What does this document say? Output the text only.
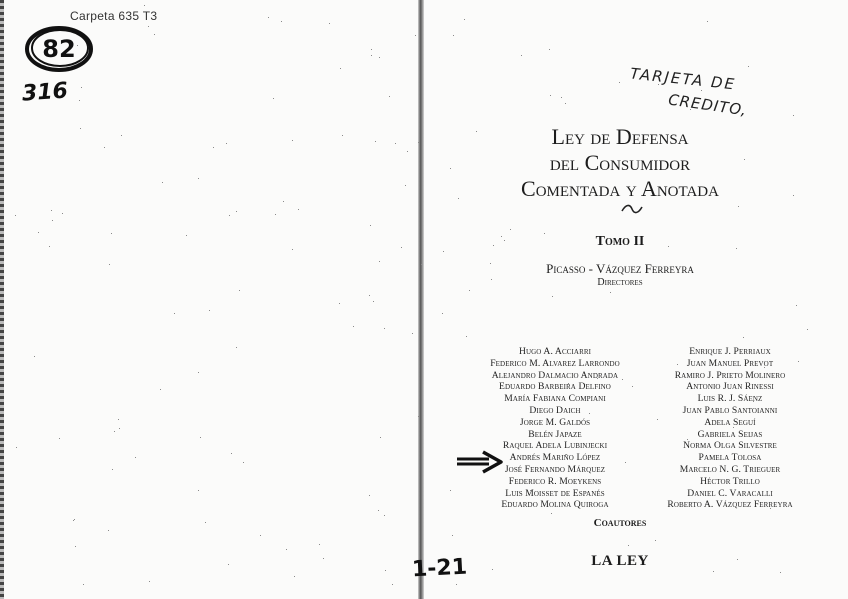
Carpeta 635 T3
82
316	TARJETA DE
CREDITO,
Ley de Defensa
del Consumidor
Comentada y Anotada
Tomo II
Picasso - Vázquez Ferreyra
Directores
Hugo A. Acciarri
Federico M. Alvarez Larrondo
Alejandro Dalmacio Andrada
Eduardo Barbeira Delfino
María Fabiana Compiani
Diego Daich
Jorge M. Galdós
Belén Japaze
Raquel Adela Lubinjecki
Andrés Mariño López
José Fernando Márquez
Federico R. Moeykens
Luis Moisset de Espanés
Eduardo Molina Quiroga
Enrique J. Perriaux
Juan Manuel Prevot
Ramiro J. Prieto Molinero
Antonio Juan Rinessi
Luis R. J. Sáenz
Juan Pablo Santoianni
Adela Seguí
Gabriela Seijas
Norma Olga Silvestre
Pamela Tolosa
Marcelo N. G. Trieguer
Héctor Trillo
Daniel C. Varacalli
Roberto A. Vázquez Ferreyra
Coautores
LA LEY
1-21
